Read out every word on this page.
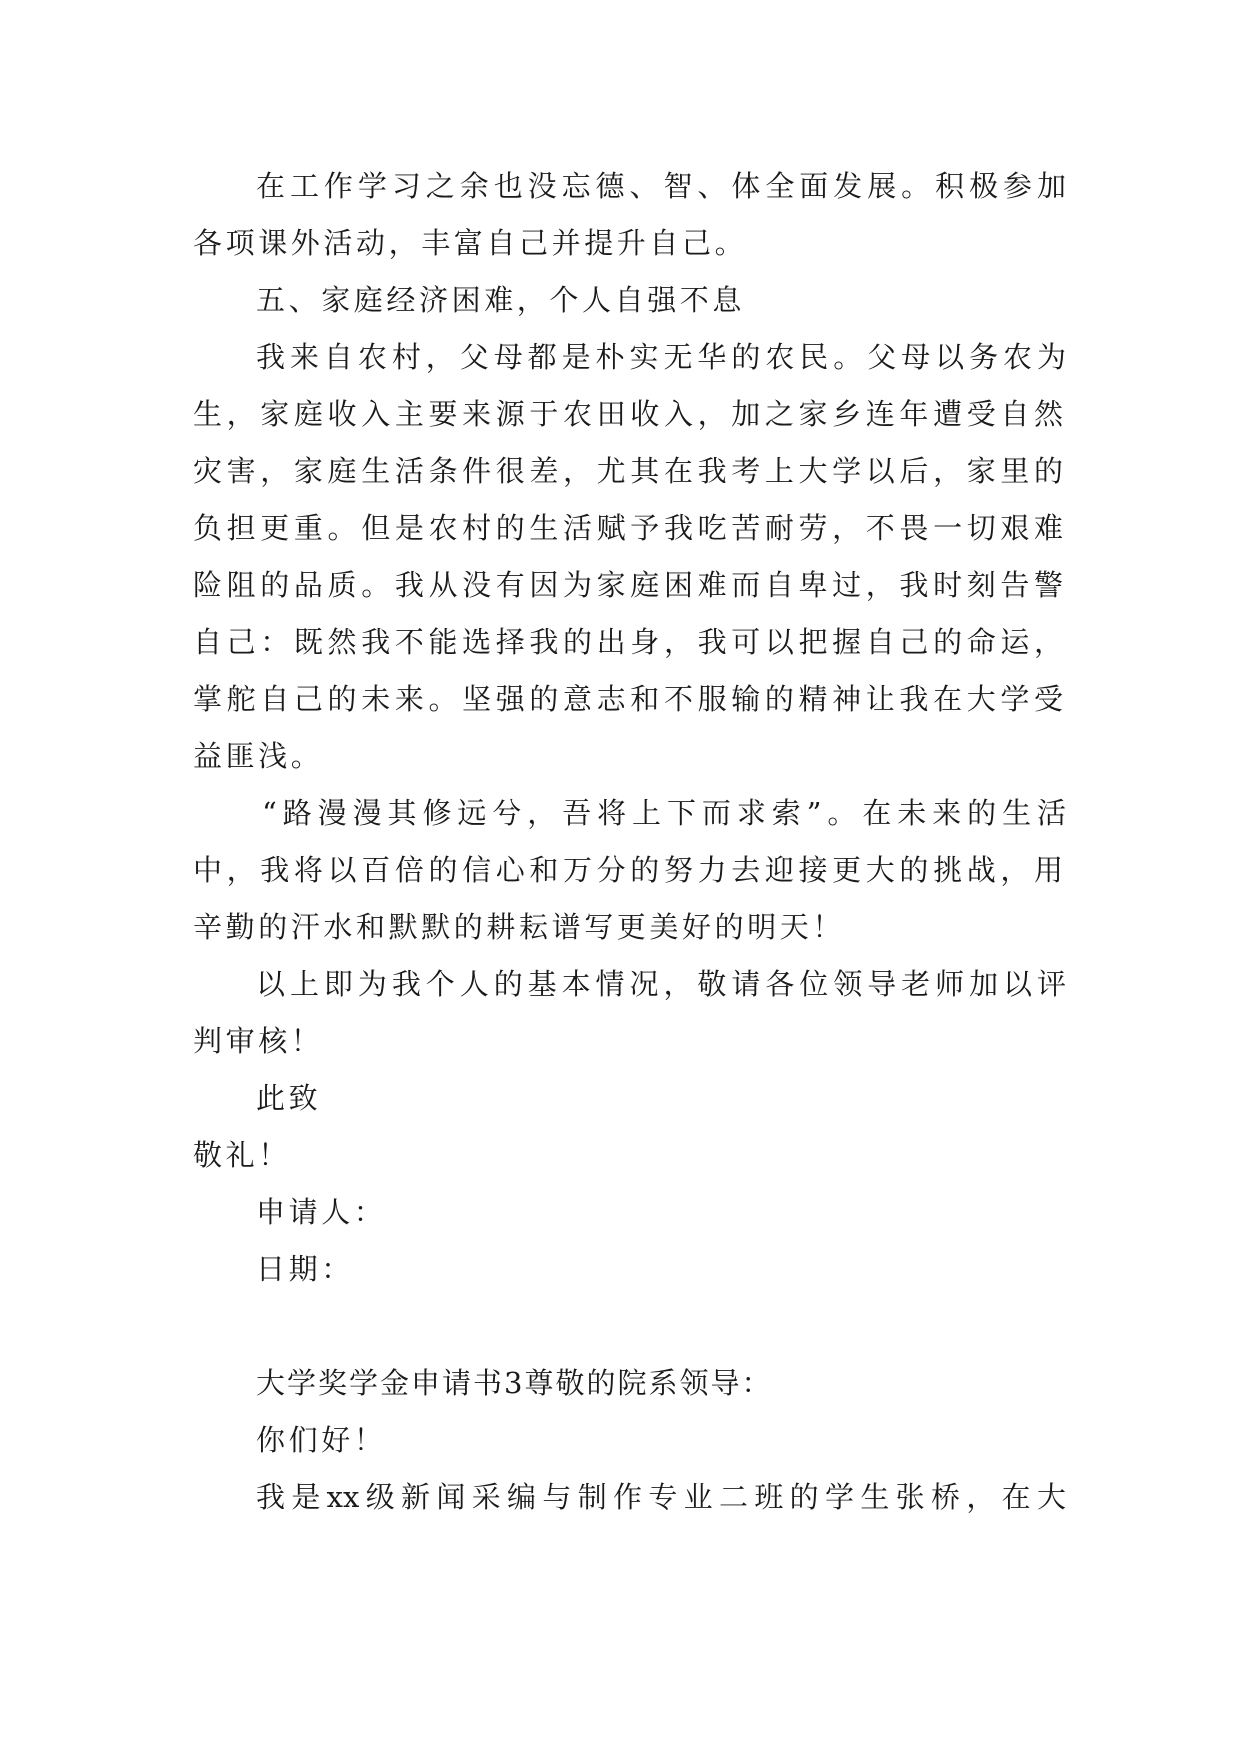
在工作学习之余也没忘德、智、体全面发展。积极参加
各项课外活动，丰富自己并提升自己。
五、家庭经济困难，个人自强不息
我来自农村，父母都是朴实无华的农民。父母以务农为
生，家庭收入主要来源于农田收入，加之家乡连年遭受自然
灾害，家庭生活条件很差，尤其在我考上大学以后，家里的
负担更重。但是农村的生活赋予我吃苦耐劳，不畏一切艰难
险阻的品质。我从没有因为家庭困难而自卑过，我时刻告警
自己：既然我不能选择我的出身，我可以把握自己的命运，
掌舵自己的未来。坚强的意志和不服输的精神让我在大学受
益匪浅。
“路漫漫其修远兮，吾将上下而求索”。在未来的生活
中，我将以百倍的信心和万分的努力去迎接更大的挑战，用
辛勤的汗水和默默的耕耘谱写更美好的明天！
以上即为我个人的基本情况，敬请各位领导老师加以评
判审核！
此致
敬礼！
申请人：
日期：
大学奖学金申请书3尊敬的院系领导：
你们好！
我是xx级新闻采编与制作专业二班的学生张桥，在大
